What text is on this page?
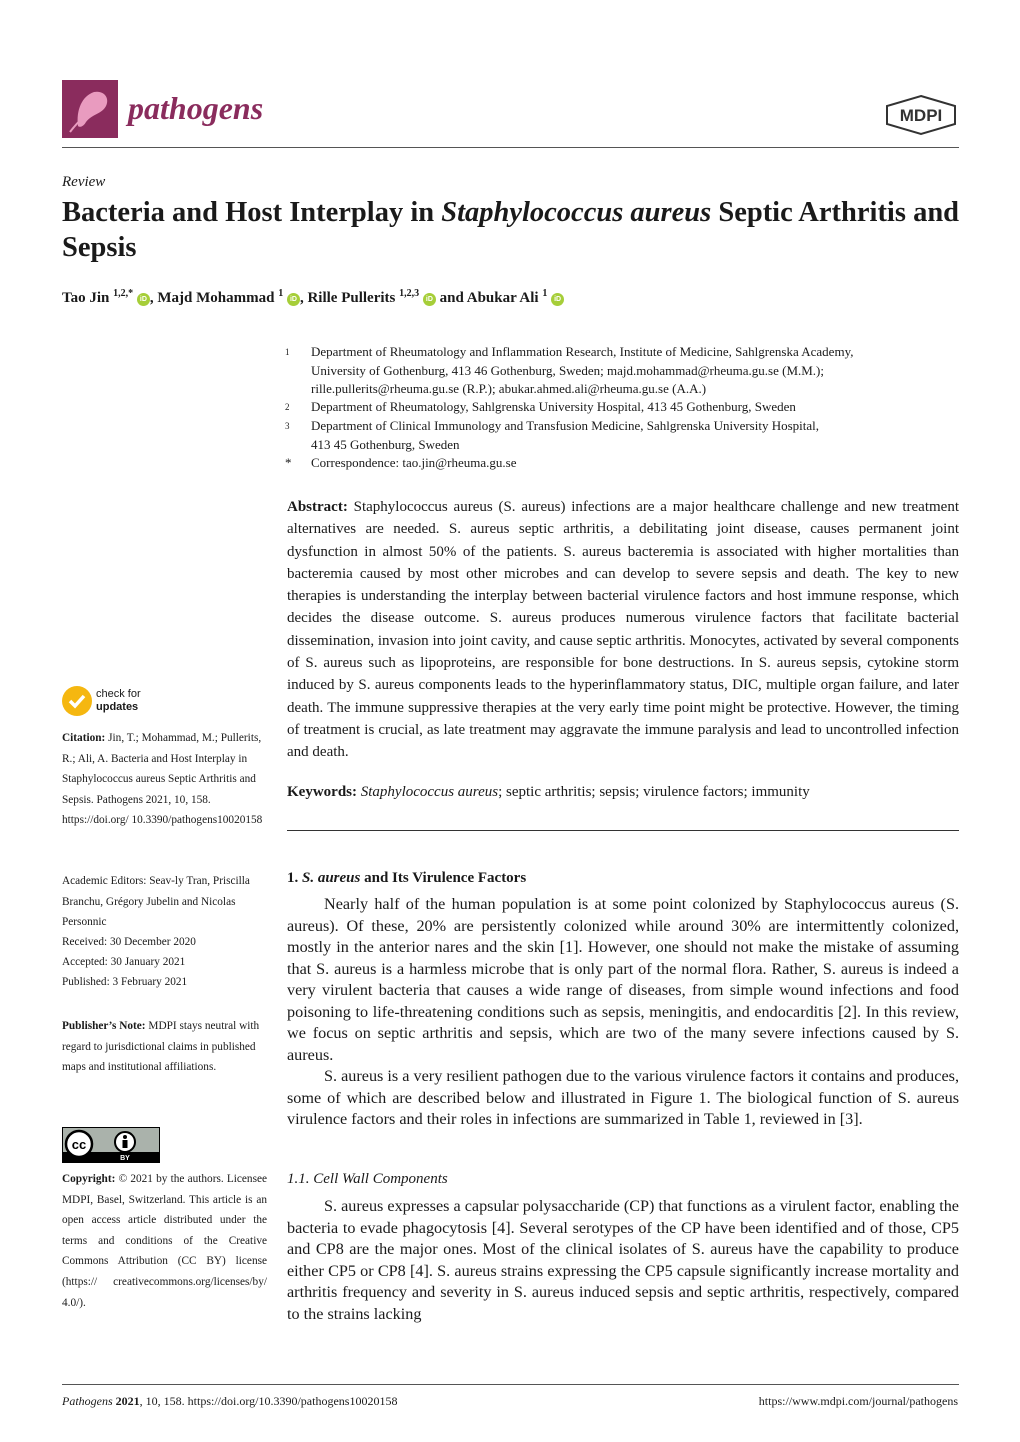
pathogens	MDPI
Review
Bacteria and Host Interplay in Staphylococcus aureus Septic Arthritis and Sepsis
Tao Jin $^{1,2,*}$ iD , Majd Mohammad $^1$ iD , Rille Pullerits $^{1,2,3}$ iD and Abukar Ali $^1$ iD
1 Department of Rheumatology and Inflammation Research, Institute of Medicine, Sahlgrenska Academy,
University of Gothenburg, 413 46 Gothenburg, Sweden; majd.mohammad@rheuma.gu.se (M.M.);
rille.pullerits@rheuma.gu.se (R.P.); abukar.ahmed.ali@rheuma.gu.se (A.A.)
2 Department of Rheumatology, Sahlgrenska University Hospital, 413 45 Gothenburg, Sweden
3 Department of Clinical Immunology and Transfusion Medicine, Sahlgrenska University Hospital,
413 45 Gothenburg, Sweden
* Correspondence: tao.jin@rheuma.gu.se
Abstract: Staphylococcus aureus (S. aureus) infections are a major healthcare challenge and new treatment alternatives are needed. S. aureus septic arthritis, a debilitating joint disease, causes permanent joint dysfunction in almost 50% of the patients. S. aureus bacteremia is associated with higher mortalities than bacteremia caused by most other microbes and can develop to severe sepsis and death. The key to new therapies is understanding the interplay between bacterial virulence factors and host immune response, which decides the disease outcome. S. aureus produces numerous virulence factors that facilitate bacterial dissemination, invasion into joint cavity, and cause septic arthritis. Monocytes, activated by several components of S. aureus such as lipoproteins, are responsible for bone destructions. In S. aureus sepsis, cytokine storm induced by S. aureus components leads to the hyperinflammatory status, DIC, multiple organ failure, and later death. The immune suppressive therapies at the very early time point might be protective. However, the timing of treatment is crucial, as late treatment may aggravate the immune paralysis and lead to uncontrolled infection and death.
Keywords: Staphylococcus aureus; septic arthritis; sepsis; virulence factors; immunity
check for
updates
Citation: Jin, T.; Mohammad, M.; Pullerits, R.; Ali, A. Bacteria and Host Interplay in Staphylococcus aureus Septic Arthritis and Sepsis. Pathogens 2021, 10, 158. https://doi.org/ 10.3390/pathogens10020158
Academic Editors: Seav-ly Tran, Priscilla Branchu, Grégory Jubelin and Nicolas Personnic
Received: 30 December 2020
Accepted: 30 January 2021
Published: 3 February 2021
Publisher’s Note: MDPI stays neutral with regard to jurisdictional claims in published maps and institutional affiliations.
cc
BY
Copyright: © 2021 by the authors. Licensee MDPI, Basel, Switzerland. This article is an open access article distributed under the terms and conditions of the Creative Commons Attribution (CC BY) license (https:// creativecommons.org/licenses/by/ 4.0/).
1. S. aureus and Its Virulence Factors

Nearly half of the human population is at some point colonized by Staphylococcus aureus (S. aureus). Of these, 20% are persistently colonized while around 30% are intermittently colonized, mostly in the anterior nares and the skin [1]. However, one should not make the mistake of assuming that S. aureus is a harmless microbe that is only part of the normal flora. Rather, S. aureus is indeed a very virulent bacteria that causes a wide range of diseases, from simple wound infections and food poisoning to life-threatening conditions such as sepsis, meningitis, and endocarditis [2]. In this review, we focus on septic arthritis and sepsis, which are two of the many severe infections caused by S. aureus.

S. aureus is a very resilient pathogen due to the various virulence factors it contains and produces, some of which are described below and illustrated in Figure 1. The biological function of S. aureus virulence factors and their roles in infections are summarized in Table 1, reviewed in [3].

1.1. Cell Wall Components

S. aureus expresses a capsular polysaccharide (CP) that functions as a virulent factor, enabling the bacteria to evade phagocytosis [4]. Several serotypes of the CP have been identified and of those, CP5 and CP8 are the major ones. Most of the clinical isolates of S. aureus have the capability to produce either CP5 or CP8 [4]. S. aureus strains expressing the CP5 capsule significantly increase mortality and arthritis frequency and severity in S. aureus induced sepsis and septic arthritis, respectively, compared to the strains lacking

Pathogens 2021, 10, 158. https://doi.org/10.3390/pathogens10020158	https://www.mdpi.com/journal/pathogens
